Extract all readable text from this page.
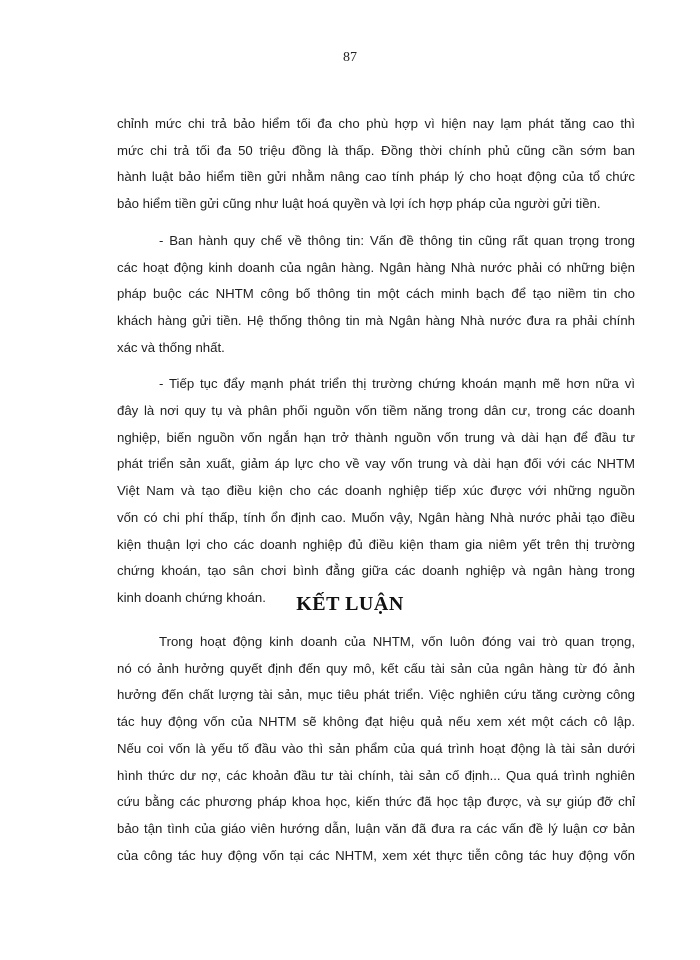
87
chỉnh mức chi trả bảo hiểm tối đa cho phù hợp vì hiện nay lạm phát tăng cao thì
mức chi trả tối đa 50 triệu đồng là thấp. Đồng thời chính phủ cũng cần sớm ban
hành luật bảo hiểm tiền gửi nhằm nâng cao tính pháp lý cho hoạt động của tổ chức
bảo hiểm tiền gửi cũng như luật hoá quyền và lợi ích hợp pháp của người gửi tiền.
- Ban hành quy chế về thông tin: Vấn đề thông tin cũng rất quan trọng trong
các hoạt động kinh doanh của ngân hàng. Ngân hàng Nhà nước phải có những biện
pháp buộc các NHTM công bố thông tin một cách minh bạch để tạo niềm tin cho
khách hàng gửi tiền. Hệ thống thông tin mà Ngân hàng Nhà nước đưa ra phải chính
xác và thống nhất.
- Tiếp tục đẩy mạnh phát triển thị trường chứng khoán mạnh mẽ hơn nữa vì
đây là nơi quy tụ và phân phối nguồn vốn tiềm năng trong dân cư, trong các doanh
nghiệp, biến nguồn vốn ngắn hạn trở thành nguồn vốn trung và dài hạn để đầu tư
phát triển sản xuất, giảm áp lực cho về vay vốn trung và dài hạn đối với các NHTM
Việt Nam và tạo điều kiện cho các doanh nghiệp tiếp xúc được với những nguồn
vốn có chi phí thấp, tính ổn định cao. Muốn vậy, Ngân hàng Nhà nước phải tạo điều
kiện thuận lợi cho các doanh nghiệp đủ điều kiện tham gia niêm yết trên thị trường
chứng khoán, tạo sân chơi bình đẳng giữa các doanh nghiệp và ngân hàng trong
kinh doanh chứng khoán.	KẾT LUẬN
Trong hoạt động kinh doanh của NHTM, vốn luôn đóng vai trò quan trọng,
nó có ảnh hưởng quyết định đến quy mô, kết cấu tài sản của ngân hàng từ đó ảnh
hưởng đến chất lượng tài sản, mục tiêu phát triển. Việc nghiên cứu tăng cường công
tác huy động vốn của NHTM sẽ không đạt hiệu quả nếu xem xét một cách cô lập.
Nếu coi vốn là yếu tố đầu vào thì sản phẩm của quá trình hoạt động là tài sản dưới
hình thức dư nợ, các khoản đầu tư tài chính, tài sản cố định... Qua quá trình nghiên
cứu bằng các phương pháp khoa học, kiến thức đã học tập được, và sự giúp đỡ chỉ
bảo tận tình của giáo viên hướng dẫn, luận văn đã đưa ra các vấn đề lý luận cơ bản
của công tác huy động vốn tại các NHTM, xem xét thực tiễn công tác huy động vốn
